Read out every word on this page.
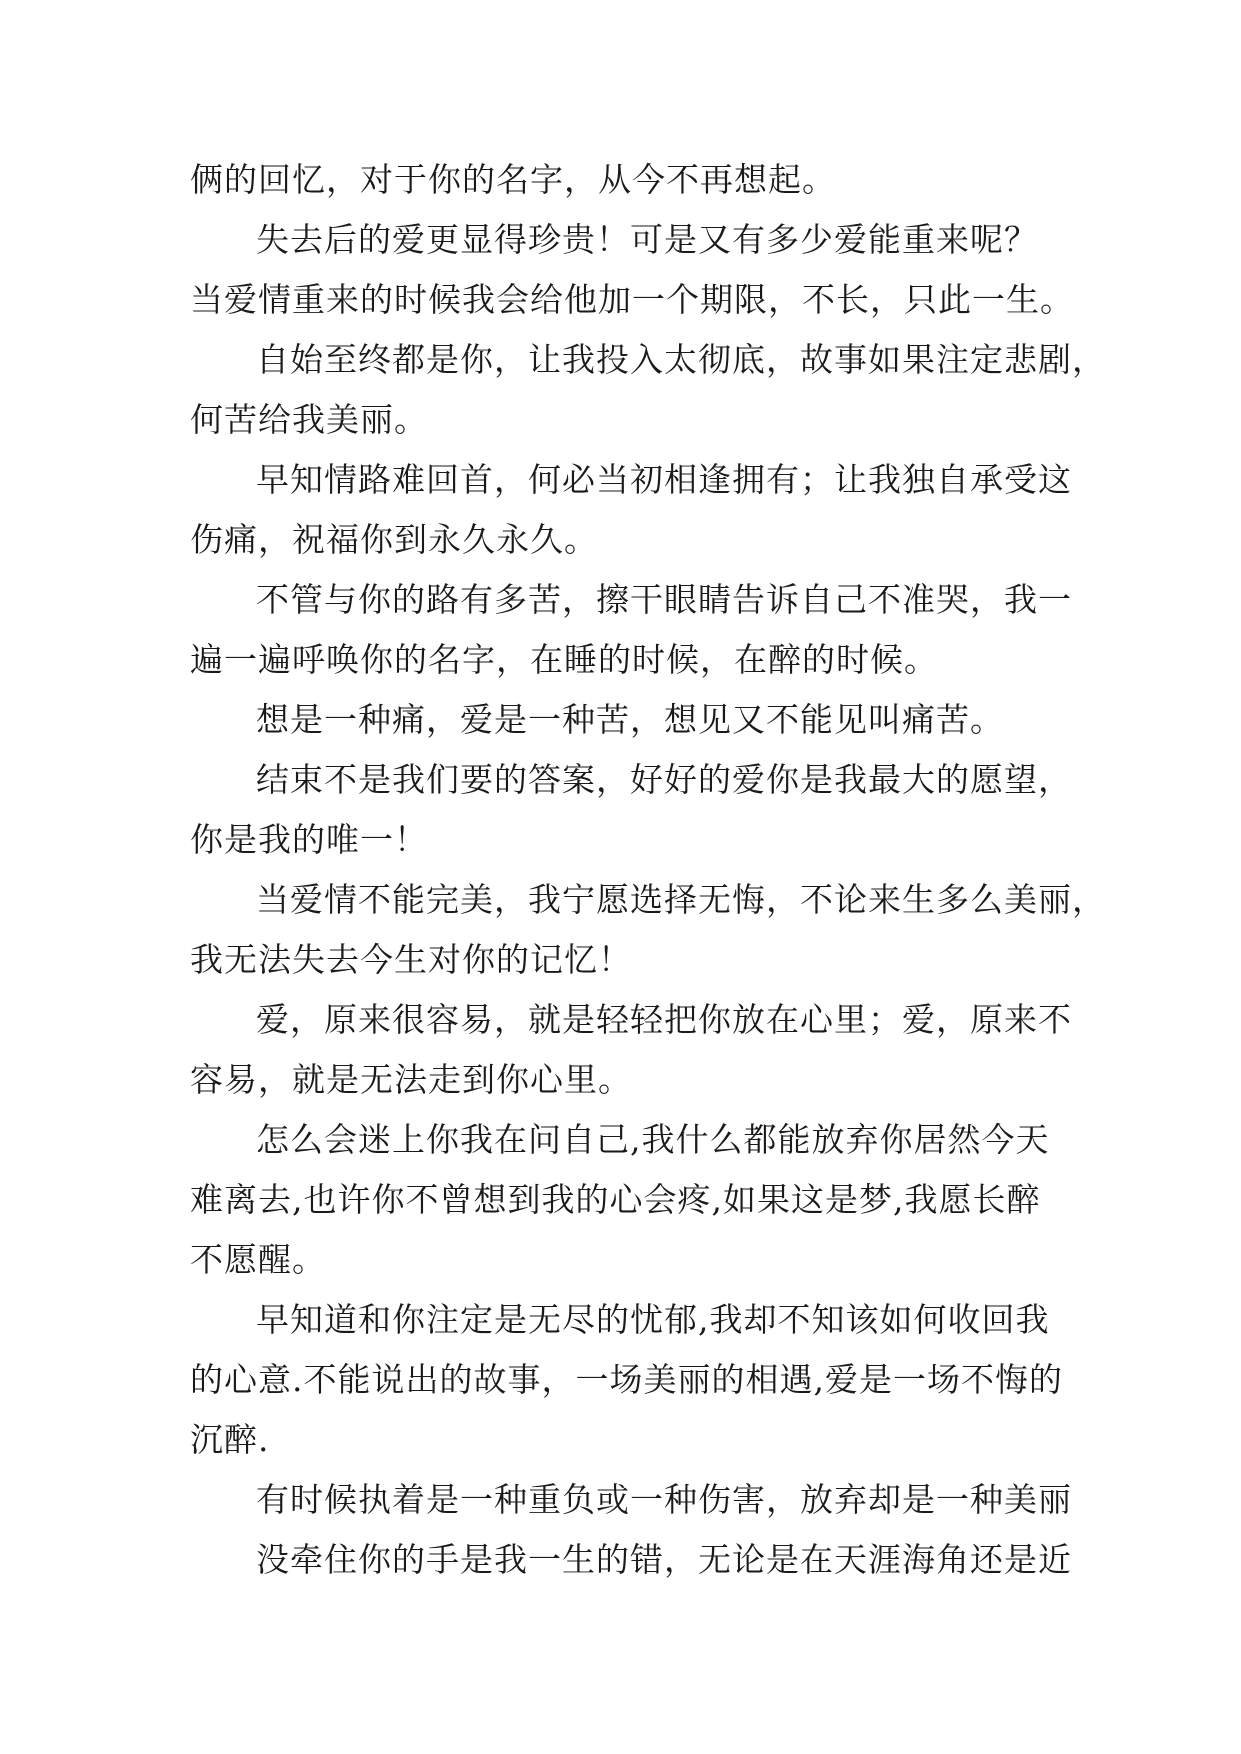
俩的回忆，对于你的名字，从今不再想起。
失去后的爱更显得珍贵！可是又有多少爱能重来呢？
当爱情重来的时候我会给他加一个期限，不长，只此一生。
自始至终都是你，让我投入太彻底，故事如果注定悲剧，
何苦给我美丽。
早知情路难回首，何必当初相逢拥有；让我独自承受这
伤痛，祝福你到永久永久。
不管与你的路有多苦，擦干眼睛告诉自己不准哭，我一
遍一遍呼唤你的名字，在睡的时候，在醉的时候。
想是一种痛，爱是一种苦，想见又不能见叫痛苦。
结束不是我们要的答案，好好的爱你是我最大的愿望，
你是我的唯一！
当爱情不能完美，我宁愿选择无悔，不论来生多么美丽，
我无法失去今生对你的记忆！
爱，原来很容易，就是轻轻把你放在心里；爱，原来不
容易，就是无法走到你心里。
怎么会迷上你我在问自己,我什么都能放弃你居然今天
难离去,也许你不曾想到我的心会疼,如果这是梦,我愿长醉
不愿醒。
早知道和你注定是无尽的忧郁,我却不知该如何收回我
的心意.不能说出的故事，一场美丽的相遇,爱是一场不悔的
沉醉.
有时候执着是一种重负或一种伤害，放弃却是一种美丽
没牵住你的手是我一生的错，无论是在天涯海角还是近
